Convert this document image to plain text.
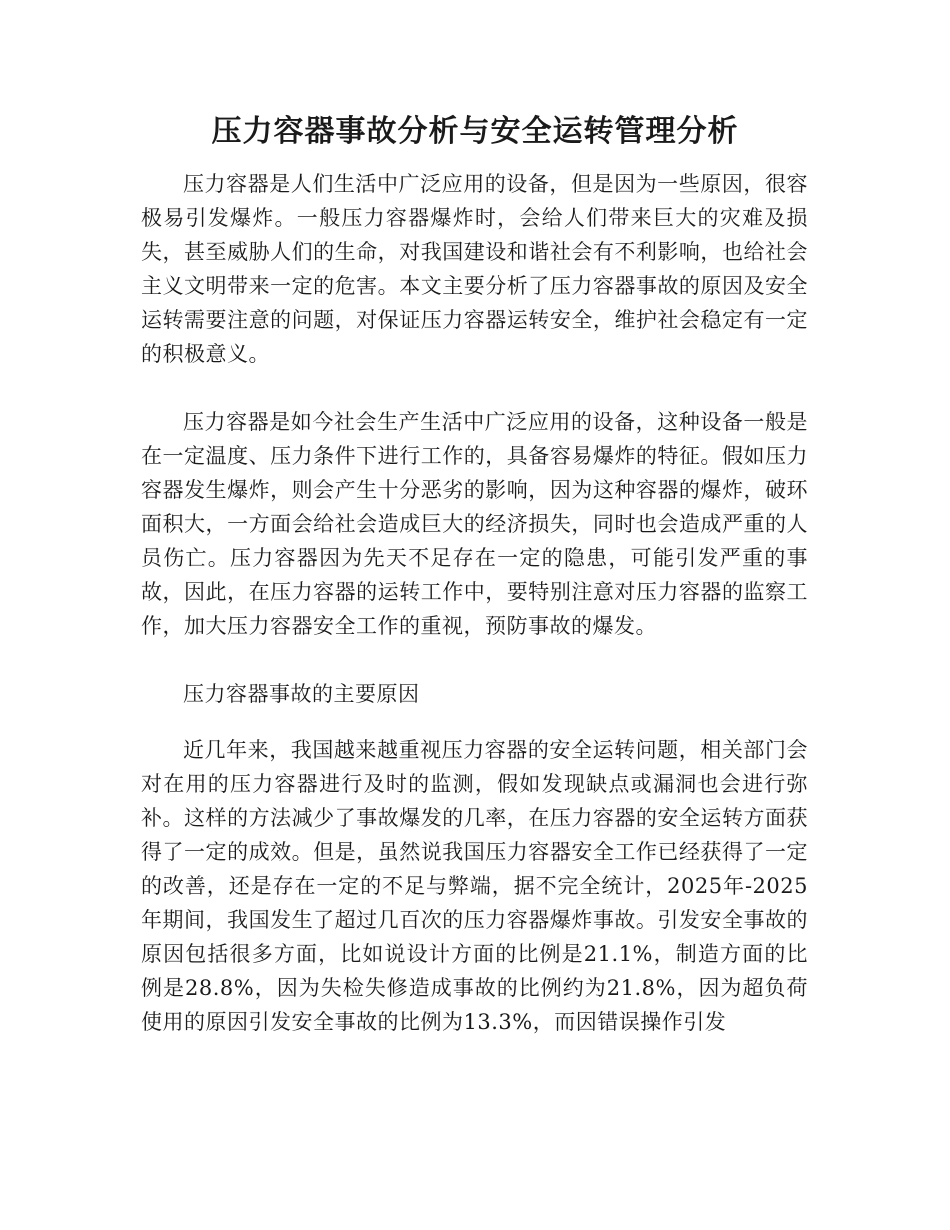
压力容器事故分析与安全运转管理分析

压力容器是人们生活中广泛应用的设备，但是因为一些原因，很容极易引发爆炸。一般压力容器爆炸时，会给人们带来巨大的灾难及损失，甚至威胁人们的生命，对我国建设和谐社会有不利影响，也给社会主义文明带来一定的危害。本文主要分析了压力容器事故的原因及安全运转需要注意的问题，对保证压力容器运转安全，维护社会稳定有一定的积极意义。

压力容器是如今社会生产生活中广泛应用的设备，这种设备一般是在一定温度、压力条件下进行工作的，具备容易爆炸的特征。假如压力容器发生爆炸，则会产生十分恶劣的影响，因为这种容器的爆炸，破环面积大，一方面会给社会造成巨大的经济损失，同时也会造成严重的人员伤亡。压力容器因为先天不足存在一定的隐患，可能引发严重的事故，因此，在压力容器的运转工作中，要特别注意对压力容器的监察工作，加大压力容器安全工作的重视，预防事故的爆发。

压力容器事故的主要原因

近几年来，我国越来越重视压力容器的安全运转问题，相关部门会对在用的压力容器进行及时的监测，假如发现缺点或漏洞也会进行弥补。这样的方法减少了事故爆发的几率，在压力容器的安全运转方面获得了一定的成效。但是，虽然说我国压力容器安全工作已经获得了一定的改善，还是存在一定的不足与弊端，据不完全统计，2025年-2025年期间，我国发生了超过几百次的压力容器爆炸事故。引发安全事故的原因包括很多方面，比如说设计方面的比例是21.1%，制造方面的比例是28.8%，因为失检失修造成事故的比例约为21.8%，因为超负荷使用的原因引发安全事故的比例为13.3%，而因错误操作引发
